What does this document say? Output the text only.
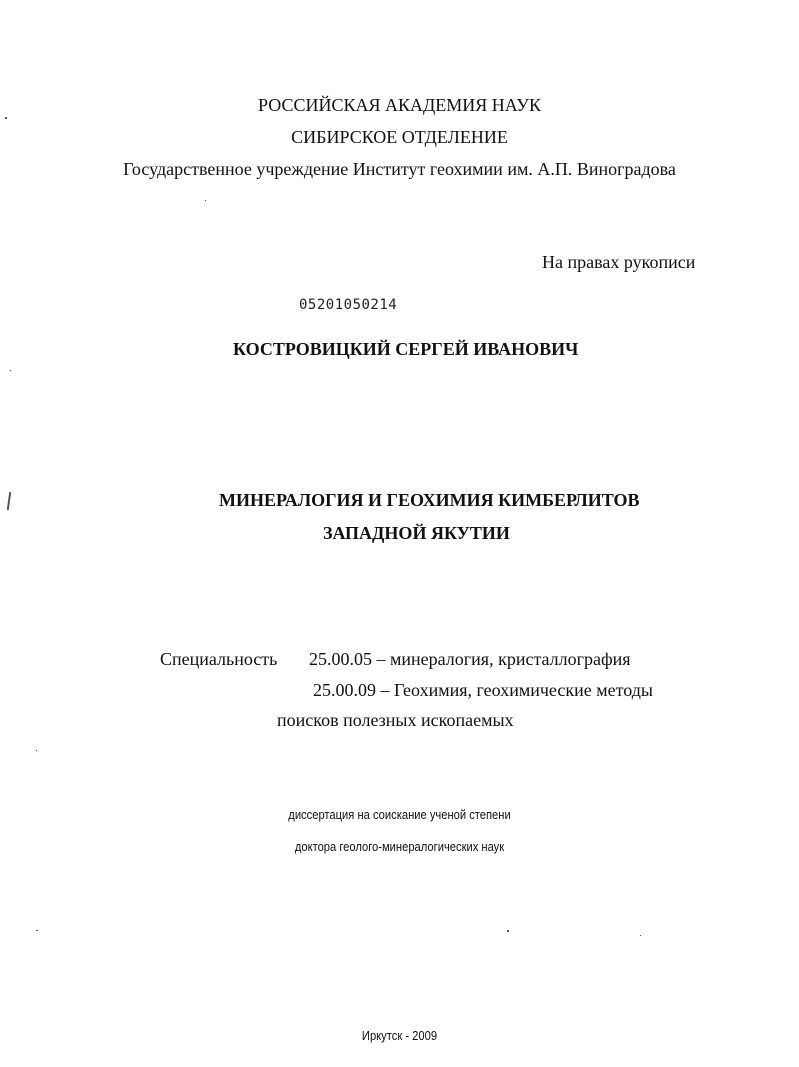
РОССИЙСКАЯ АКАДЕМИЯ НАУК
СИБИРСКОЕ ОТДЕЛЕНИЕ
Государственное учреждение Институт геохимии им. А.П. Виноградова
На правах рукописи
05201050214
КОСТРОВИЦКИЙ СЕРГЕЙ ИВАНОВИЧ
МИНЕРАЛОГИЯ И ГЕОХИМИЯ КИМБЕРЛИТОВ
ЗАПАДНОЙ ЯКУТИИ
Специальность 25.00.05 – минералогия, кристаллография
25.00.09 – Геохимия, геохимические методы
поисков полезных ископаемых
диссертация на соискание ученой степени
доктора геолого-минералогических наук
Иркутск - 2009
